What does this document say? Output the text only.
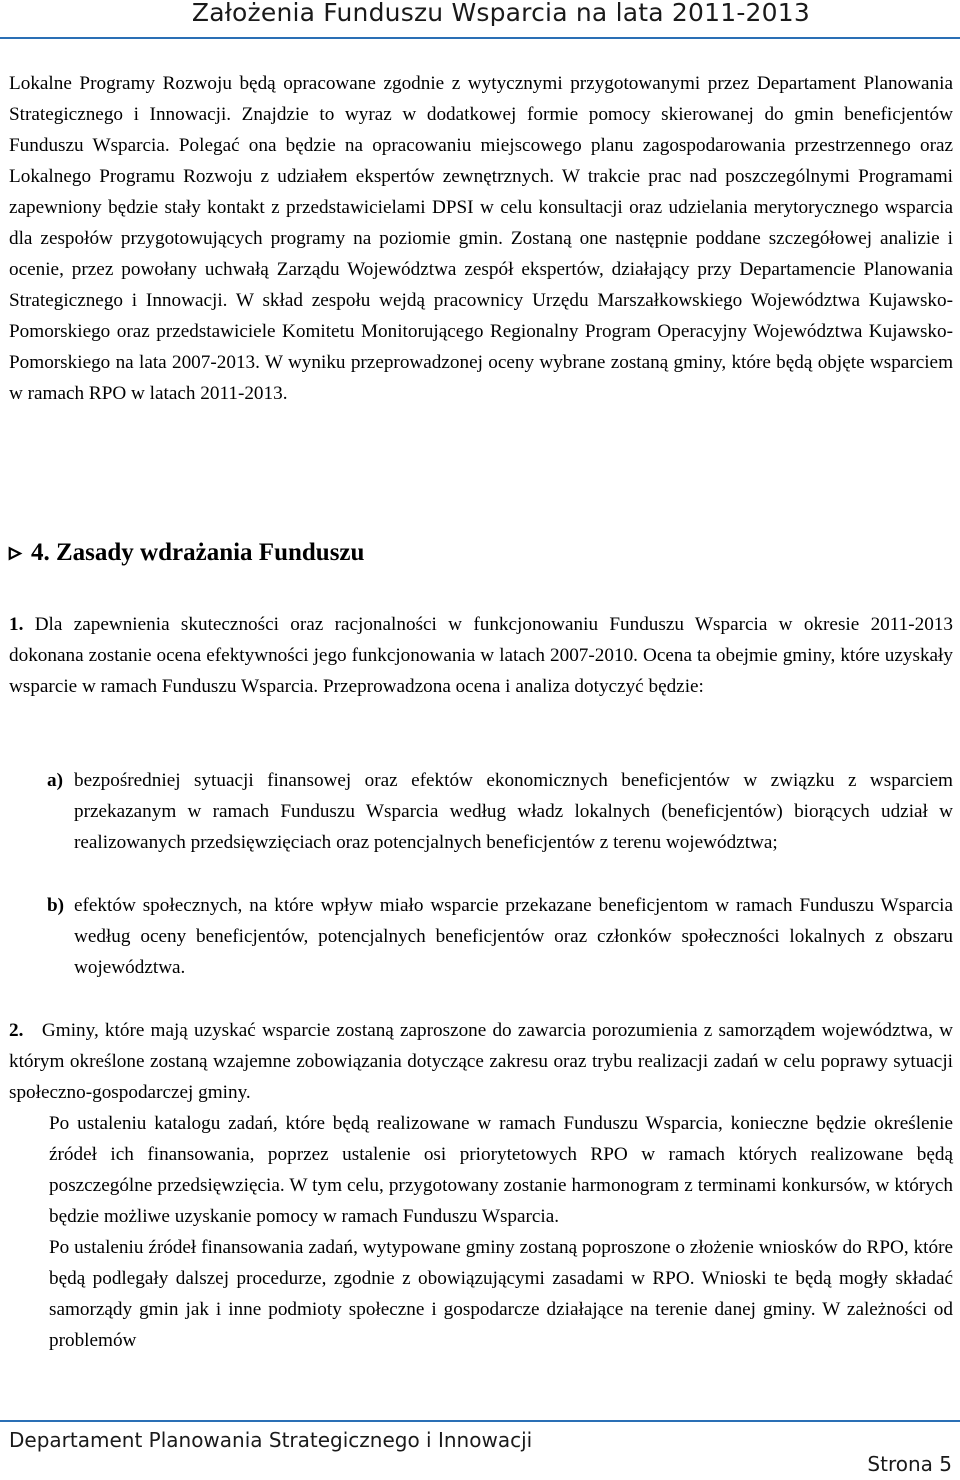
Założenia Funduszu Wsparcia na lata 2011-2013

Lokalne Programy Rozwoju będą opracowane zgodnie z wytycznymi przygotowanymi przez Departament Planowania Strategicznego i Innowacji. Znajdzie to wyraz w dodatkowej formie pomocy skierowanej do gmin beneficjentów Funduszu Wsparcia. Polegać ona będzie na opracowaniu miejscowego planu zagospodarowania przestrzennego oraz Lokalnego Programu Rozwoju z udziałem ekspertów zewnętrznych. W trakcie prac nad poszczególnymi Programami zapewniony będzie stały kontakt z przedstawicielami DPSI w celu konsultacji oraz udzielania merytorycznego wsparcia dla zespołów przygotowujących programy na poziomie gmin. Zostaną one następnie poddane szczegółowej analizie i ocenie, przez powołany uchwałą Zarządu Województwa zespół ekspertów, działający przy Departamencie Planowania Strategicznego i Innowacji. W skład zespołu wejdą pracownicy Urzędu Marszałkowskiego Województwa Kujawsko-Pomorskiego oraz przedstawiciele Komitetu Monitorującego Regionalny Program Operacyjny Województwa Kujawsko-Pomorskiego na lata 2007-2013. W wyniku przeprowadzonej oceny wybrane zostaną gminy, które będą objęte wsparciem w ramach RPO w latach 2011-2013.

▹ 4. Zasady wdrażania Funduszu

1. Dla zapewnienia skuteczności oraz racjonalności w funkcjonowaniu Funduszu Wsparcia w okresie 2011-2013 dokonana zostanie ocena efektywności jego funkcjonowania w latach 2007-2010. Ocena ta obejmie gminy, które uzyskały wsparcie w ramach Funduszu Wsparcia. Przeprowadzona ocena i analiza dotyczyć będzie:

a) bezpośredniej sytuacji finansowej oraz efektów ekonomicznych beneficjentów w związku z wsparciem przekazanym w ramach Funduszu Wsparcia według władz lokalnych (beneficjentów) biorących udział w realizowanych przedsięwzięciach oraz potencjalnych beneficjentów z terenu województwa;
b) efektów społecznych, na które wpływ miało wsparcie przekazane beneficjentom w ramach Funduszu Wsparcia według oceny beneficjentów, potencjalnych beneficjentów oraz członków społeczności lokalnych z obszaru województwa.

2. Gminy, które mają uzyskać wsparcie zostaną zaproszone do zawarcia porozumienia z samorządem województwa, w którym określone zostaną wzajemne zobowiązania dotyczące zakresu oraz trybu realizacji zadań w celu poprawy sytuacji społeczno-gospodarczej gminy.

Po ustaleniu katalogu zadań, które będą realizowane w ramach Funduszu Wsparcia, konieczne będzie określenie źródeł ich finansowania, poprzez ustalenie osi priorytetowych RPO w ramach których realizowane będą poszczególne przedsięwzięcia. W tym celu, przygotowany zostanie harmonogram z terminami konkursów, w których będzie możliwe uzyskanie pomocy w ramach Funduszu Wsparcia.

Po ustaleniu źródeł finansowania zadań, wytypowane gminy zostaną poproszone o złożenie wniosków do RPO, które będą podlegały dalszej procedurze, zgodnie z obowiązującymi zasadami w RPO. Wnioski te będą mogły składać samorządy gmin jak i inne podmioty społeczne i gospodarcze działające na terenie danej gminy. W zależności od problemów

Departament Planowania Strategicznego i Innowacji
Strona 5
